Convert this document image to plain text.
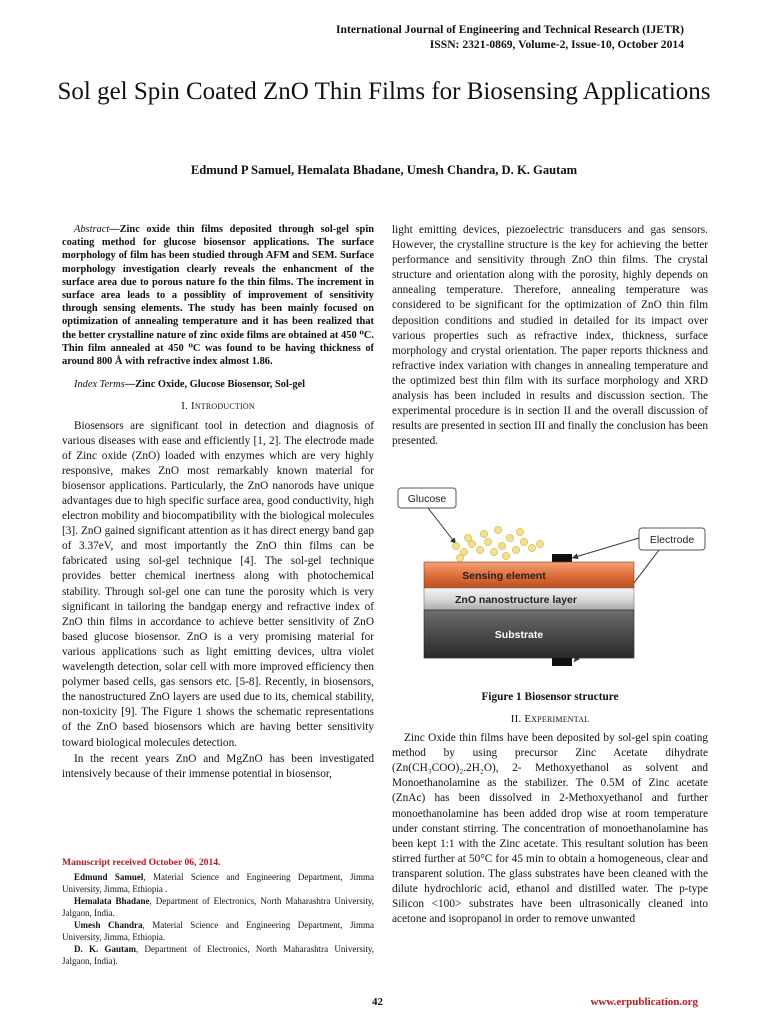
International Journal of Engineering and Technical Research (IJETR)
ISSN: 2321-0869, Volume-2, Issue-10, October 2014
Sol gel Spin Coated ZnO Thin Films for Biosensing Applications
Edmund P Samuel, Hemalata Bhadane, Umesh Chandra, D. K. Gautam

Abstract—Zinc oxide thin films deposited through sol-gel spin coating method for glucose biosensor applications. The surface morphology of film has been studied through AFM and SEM. Surface morphology investigation clearly reveals the enhancment of the surface area due to porous nature fo the thin films. The increment in surface area leads to a possiblity of improvement of sensitivity through sensing elements. The study has been mainly focused on optimization of annealing temperature and it has been realized that the better crystalline nature of zinc oxide films are obtained at 450 ⁰C. Thin film annealed at 450 ⁰C was found to be having thickness of around 800 Å with refractive index almost 1.86.

Index Terms—Zinc Oxide, Glucose Biosensor, Sol-gel

I. Introduction

Biosensors are significant tool in detection and diagnosis of various diseases with ease and efficiently [1, 2]. The electrode made of Zinc oxide (ZnO) loaded with enzymes which are very highly responsive, makes ZnO most remarkably known material for biosensor applications. Particularly, the ZnO nanorods have unique advantages due to high specific surface area, good conductivity, high electron mobility and biocompatibility with the biological molecules [3]. ZnO gained significant attention as it has direct energy band gap of 3.37eV, and most importantly the ZnO thin films can be fabricated using sol-gel technique [4]. The sol-gel technique provides better chemical inertness along with photochemical stability. Through sol-gel one can tune the porosity which is very significant in tailoring the bandgap energy and refractive index of ZnO thin films in accordance to achieve better sensitivity of ZnO based glucose biosensor. ZnO is a very promising material for various applications such as light emitting devices, ultra violet wavelength detection, solar cell with more improved efficiency then polymer based cells, gas sensors etc. [5-8]. Recently, in biosensors, the nanostructured ZnO layers are used due to its, chemical stability, non-toxicity [9]. The Figure 1 shows the schematic representations of the ZnO based biosensors which are having better sensitivity toward biological molecules detection.

In the recent years ZnO and MgZnO has been investigated intensively because of their immense potential in biosensor,

Manuscript received October 06, 2014.

Edmund Samuel, Material Science and Engineering Department, Jimma University, Jimma, Ethiopia .

Hemalata Bhadane, Department of Electronics, North Maharashtra University, Jalgaon, India.

Umesh Chandra, Material Science and Engineering Department, Jimma University, Jimma, Ethiopia.

D. K. Gautam, Department of Electronics, North Maharashtra University, Jalgaon, India).

light emitting devices, piezoelectric transducers and gas sensors. However, the crystalline structure is the key for achieving the better performance and sensitivity through ZnO thin films. The crystal structure and orientation along with the porosity, highly depends on annealing temperature. Therefore, annealing temperature was considered to be significant for the optimization of ZnO thin film deposition conditions and studied in detailed for its impact over various properties such as refractive index, thickness, surface morphology and crystal orientation. The paper reports thickness and refractive index variation with changes in annealing temperature and the optimized best thin film with its surface morphology and XRD analysis has been included in results and discussion section. The experimental procedure is in section II and the overall discussion of results are presented in section III and finally the conclusion has been presented.

Glucose
Electrode
Sensing element
ZnO nanostructure layer
Substrate
Figure 1 Biosensor structure
II. Experimental

Zinc Oxide thin films have been deposited by sol-gel spin coating method by using precursor Zinc Acetate dihydrate (Zn(CH₃COO)₂.2H₂O), 2- Methoxyethanol as solvent and Monoethanolamine as the stabilizer. The 0.5M of Zinc acetate (ZnAc) has been dissolved in 2-Methoxyethanol and further monoethanolamine has been added drop wise at room temperature under constant stirring. The concentration of monoethanolamine has been kept 1:1 with the Zinc acetate. This resultant solution has been stirred further at 50°C for 45 min to obtain a homogeneous, clear and transparent solution. The glass substrates have been cleaned with the dilute hydrochloric acid, ethanol and distilled water. The p-type Silicon <100> substrates have been ultrasonically cleaned into acetone and isopropanol in order to remove unwanted

42	www.erpublication.org
